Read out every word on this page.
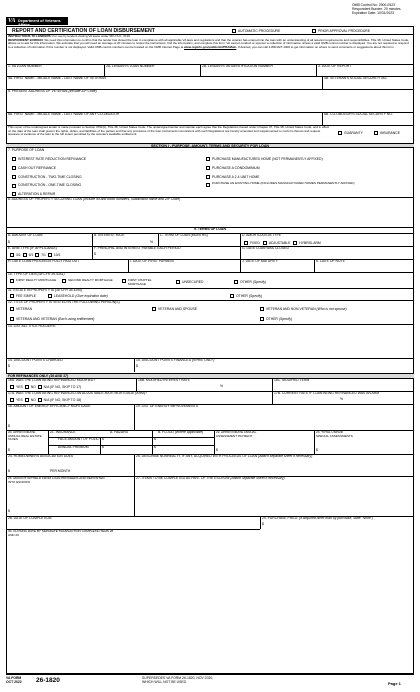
OMB Control No. 2900-0523
Respondent Burden: 20 minutes
Expiration Date: 10/31/2023
VA Department of Veterans Affairs
REPORT AND CERTIFICATION OF LOAN DISBURSEMENT	AUTOMATIC PROCEDURE	PRIOR APPROVAL PROCEDURE
INSTRUCTIONS TO LENDERS: For use by lenders closing VA loans under 38 U.S.C. 3710.
RESPONDENT BURDEN: We need this information to confirm that the lender has closed the loan in compliance with all applicable VA laws and regulations and that the veteran has entered into the loan with an understanding of all relevant requirements and responsibilities. Title 38, United States Code, allows us to ask for this information. We estimate that you will need an average of 20 minutes to review the instructions, find the information, and complete this form. VA cannot conduct or sponsor a collection of information unless a valid OMB control number is displayed. You are not required to respond to a collection of information if this number is not displayed. Valid OMB control numbers can be located on the OMB Internet Page at www.reginfo.gov/public/do/PRAMain. If desired, you can call 1-800-827-1000 to get information on where to send comments or suggestions about this form.
1. VA LOAN NUMBER	2A. LENDER'S LOAN NUMBER	2B. LENDER'S VA IDENTIFICATION NUMBER	3. DATE OF REPORT
4A. FIRST NAME - MIDDLE NAME - LAST NAME OF VETERAN	4B. VETERAN'S SOCIAL SECURITY NO.
5. PRESENT ADDRESS OF VETERAN (Include ZIP Code)
6A. FIRST NAME - MIDDLE NAME - LAST NAME OF ANY CO-OBLIGOR	6B. CO-OBLIGOR'S SOCIAL SECURITY NO.
This report of the undersigned lender is made pursuant to Section 3702(c), Title 38, United States Code. The undersigned lender and veteran each agree that the Regulations issued under Chapter 37, Title 38, United States Code, and in effect on the date of the loan shall govern the rights, duties, and liabilities of the parties and that any provisions of the loan instruments inconsistent with such Regulations are hereby amended and supplemented to conform thereto and request issuance of evidence of the loan to the full extent permitted by the veteran's available entitlement.	GUARANTY	INSURANCE
SECTION I - PURPOSE, AMOUNT, TERMS AND SECURITY FOR LOAN
7. PURPOSE OF LOAN
INTEREST RATE REDUCTION REFINANCE
CASH OUT REFINANCE
CONSTRUCTION - TWO-TIME CLOSING
CONSTRUCTION - ONE-TIME CLOSING
ALTERATION & REPAIR
PURCHASE MANUFACTURED HOME (NOT PERMANENTLY AFFIXED)
PURCHASE A CONDOMINIUM
PURCHASE A 2-4 UNIT HOME
PURCHASE AN EXISTING HOME (INCLUDES MANUFACTURED HOMES PERMANENTLY AFFIXED)
8. ADDRESS OF PROPERTY SECURING LOAN (Include lot and block numbers, subdivision name and ZIP Code)
9. TERMS OF LOAN
A. AMOUNT OF LOAN
$
B. INTEREST RATE
%
C. TERM OF LOAN (MONTHS)	D. AMORTIZATION TYPE
FIXED	ADJUSTABLE	HYBRID-ARM
E. ARM TYPE (IF APPLICABLE)
3/1 5/1 7/1 10/1
F. PRINCIPAL AND INTEREST PAYABLE EACH PERIOD
$
G. DATE LOAN WAS CLOSED
H. DATE LOAN PROCEEDS FULLY PAID OUT	I. DATE OF FIRST PAYMENT	J. DATE OF MATURITY	K. DATE OF NOTE
10. TYPE OF LIEN (38 CFR 36.4351)
FIRST REALTY MORTGAGE	SECOND REALTY MORTGAGE	FIRST CHATTEL MORTGAGE	UNSECURED	OTHER (Specify)
11. ESTATE IN PROPERTY IS (38 CFR 36.4350)
FEE SIMPLE	LEASEHOLD (Give expiration date)	OTHER (Specify)
12. TITLE OF PROPERTY IS VESTED IN THE FOLLOWING PERSON(S)
VETERAN	VETERAN AND SPOUSE	VETERAN AND NON-VETERAN (Who is not spouse)
VETERAN AND VETERAN (Each using entitlement)	OTHER (Specify)
13. LIST ALL TITLE HOLDERS:
14. DISCOUNT POINTS CHARGED
$
15. DISCOUNT POINTS FINANCED (IRRRL ONLY)
$
FOR REFINANCES ONLY (16 AND 17)
16A. WAS THE LOAN BEING REFINANCED MODIFIED?
YES NO N/A (IF NO, SKIP TO 17)
16B. MODIFIED INTEREST RATE
%
16C. MODIFIED TERM
17A. WAS THE LOAN BEING REFINANCED AN ADJUSTABLE-RATE MORTGAGE (ARM)?
YES NO N/A (IF NO, SKIP TO 18)
17B. CURRENT RATE IF LOAN BEING REFINANCED WAS AN ARM
%
18. AMOUNT OF ENERGY EFFICIENCY MORTGAGE
$
19. LIST OF ENERGY IMPROVEMENTS
20. APPROXIMATE ANNUAL REAL ESTATE TAXES
$
21. INSURANCE	A. HAZARD	B. FLOOD (Where applicable)
FACE AMOUNT OF POLICY $	$
ANNUAL PREMIUM	$	$
22. APPROXIMATE ANNUAL ASSESSMENT PAYMENT
$
23. TOTAL UNPAID SPECIAL ASSESSMENTS
$
24. HOMEOWNERS ASSOCIATION DUES
$	PER MONTH
25. DESCRIBE NONREALTY, IF ANY, ACQUIRED WITH PROCEEDS OF LOAN (Attach separate sheet if necessary)
26. AMOUNT WITHELD FROM LOAN PROCEEDS AND DEPOSITED INTO ESCROW
$
27. ITEMS TO BE COMPLETED AS PART OF THE ESCROW (Attach separate sheet if necessary)
28. DATE OF COMPLETION	29. PURCHASE PRICE (If acquired other than by purchase, state "None")
$
30. CLOSING DATE BY SEPARATE TRANSACTION COMPLETE ITEMS 28 AND 29
VA FORM
OCT 2022 26-1820	SUPERSEDES VA FORM 26-1820, NOV 2020,
WHICH WILL NOT BE USED.	Page 1
